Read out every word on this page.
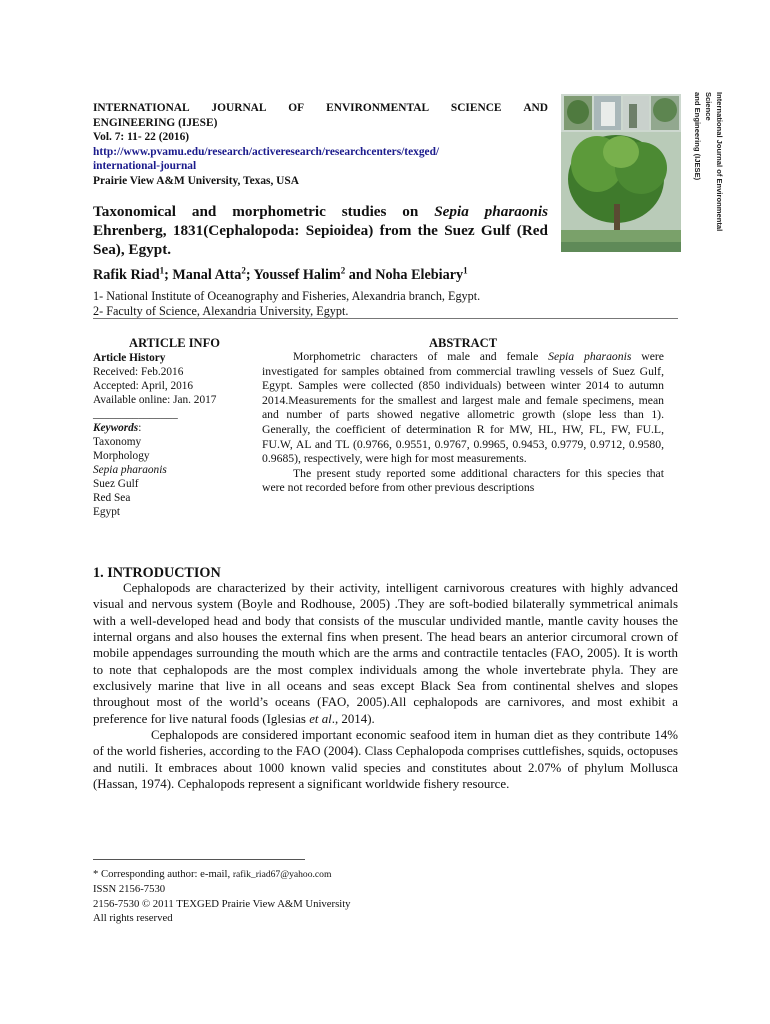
INTERNATIONAL JOURNAL OF ENVIRONMENTAL SCIENCE AND
ENGINEERING (IJESE)
Vol. 7: 11- 22 (2016)
http://www.pvamu.edu/research/activeresearch/researchcenters/texged/
international-journal
Prairie View A&M University, Texas, USA	International Journal of Environmental Science
and Engineering (IJESE)
Taxonomical and morphometric studies on Sepia pharaonis Ehrenberg, 1831(Cephalopoda: Sepioidea) from the Suez Gulf (Red Sea), Egypt.
Rafik Riad$^1$; Manal Atta$^2$; Youssef Halim$^2$ and Noha Elebiary$^1$
1- National Institute of Oceanography and Fisheries, Alexandria branch, Egypt.
2- Faculty of Science, Alexandria University, Egypt.
ARTICLE INFO
Article History
Received: Feb.2016
Accepted: April, 2016
Available online: Jan. 2017
_______________
Keywords:
Taxonomy
Morphology
Sepia pharaonis
Suez Gulf
Red Sea
Egypt
ABSTRACT

Morphometric characters of male and female Sepia pharaonis were investigated for samples obtained from commercial trawling vessels of Suez Gulf, Egypt. Samples were collected (850 individuals) between winter 2014 to autumn 2014.Measurements for the smallest and largest male and female specimens, mean and number of parts showed negative allometric growth (slope less than 1). Generally, the coefficient of determination R for MW, HL, HW, FL, FW, FU.L, FU.W, AL and TL (0.9766, 0.9551, 0.9767, 0.9965, 0.9453, 0.9779, 0.9712, 0.9580, 0.9685), respectively, were high for most measurements.

The present study reported some additional characters for this species that were not recorded before from other previous descriptions

1. INTRODUCTION

Cephalopods are characterized by their activity, intelligent carnivorous creatures with highly advanced visual and nervous system (Boyle and Rodhouse, 2005) .They are soft-bodied bilaterally symmetrical animals with a well-developed head and body that consists of the muscular undivided mantle, mantle cavity houses the internal organs and also houses the external fins when present. The head bears an anterior circumoral crown of mobile appendages surrounding the mouth which are the arms and contractile tentacles (FAO, 2005). It is worth to note that cephalopods are the most complex individuals among the whole invertebrate phyla. They are exclusively marine that live in all oceans and seas except Black Sea from continental shelves and slopes throughout most of the world’s oceans (FAO, 2005).All cephalopods are carnivores, and most exhibit a preference for live natural foods (Iglesias et al., 2014).

Cephalopods are considered important economic seafood item in human diet as they contribute 14% of the world fisheries, according to the FAO (2004). Class Cephalopoda comprises cuttlefishes, squids, octopuses and nutili. It embraces about 1000 known valid species and constitutes about 2.07% of phylum Mollusca (Hassan, 1974). Cephalopods represent a significant worldwide fishery resource.

* Corresponding author: e-mail, rafik_riad67@yahoo.com
ISSN 2156-7530
2156-7530 © 2011 TEXGED Prairie View A&M University
All rights reserved
